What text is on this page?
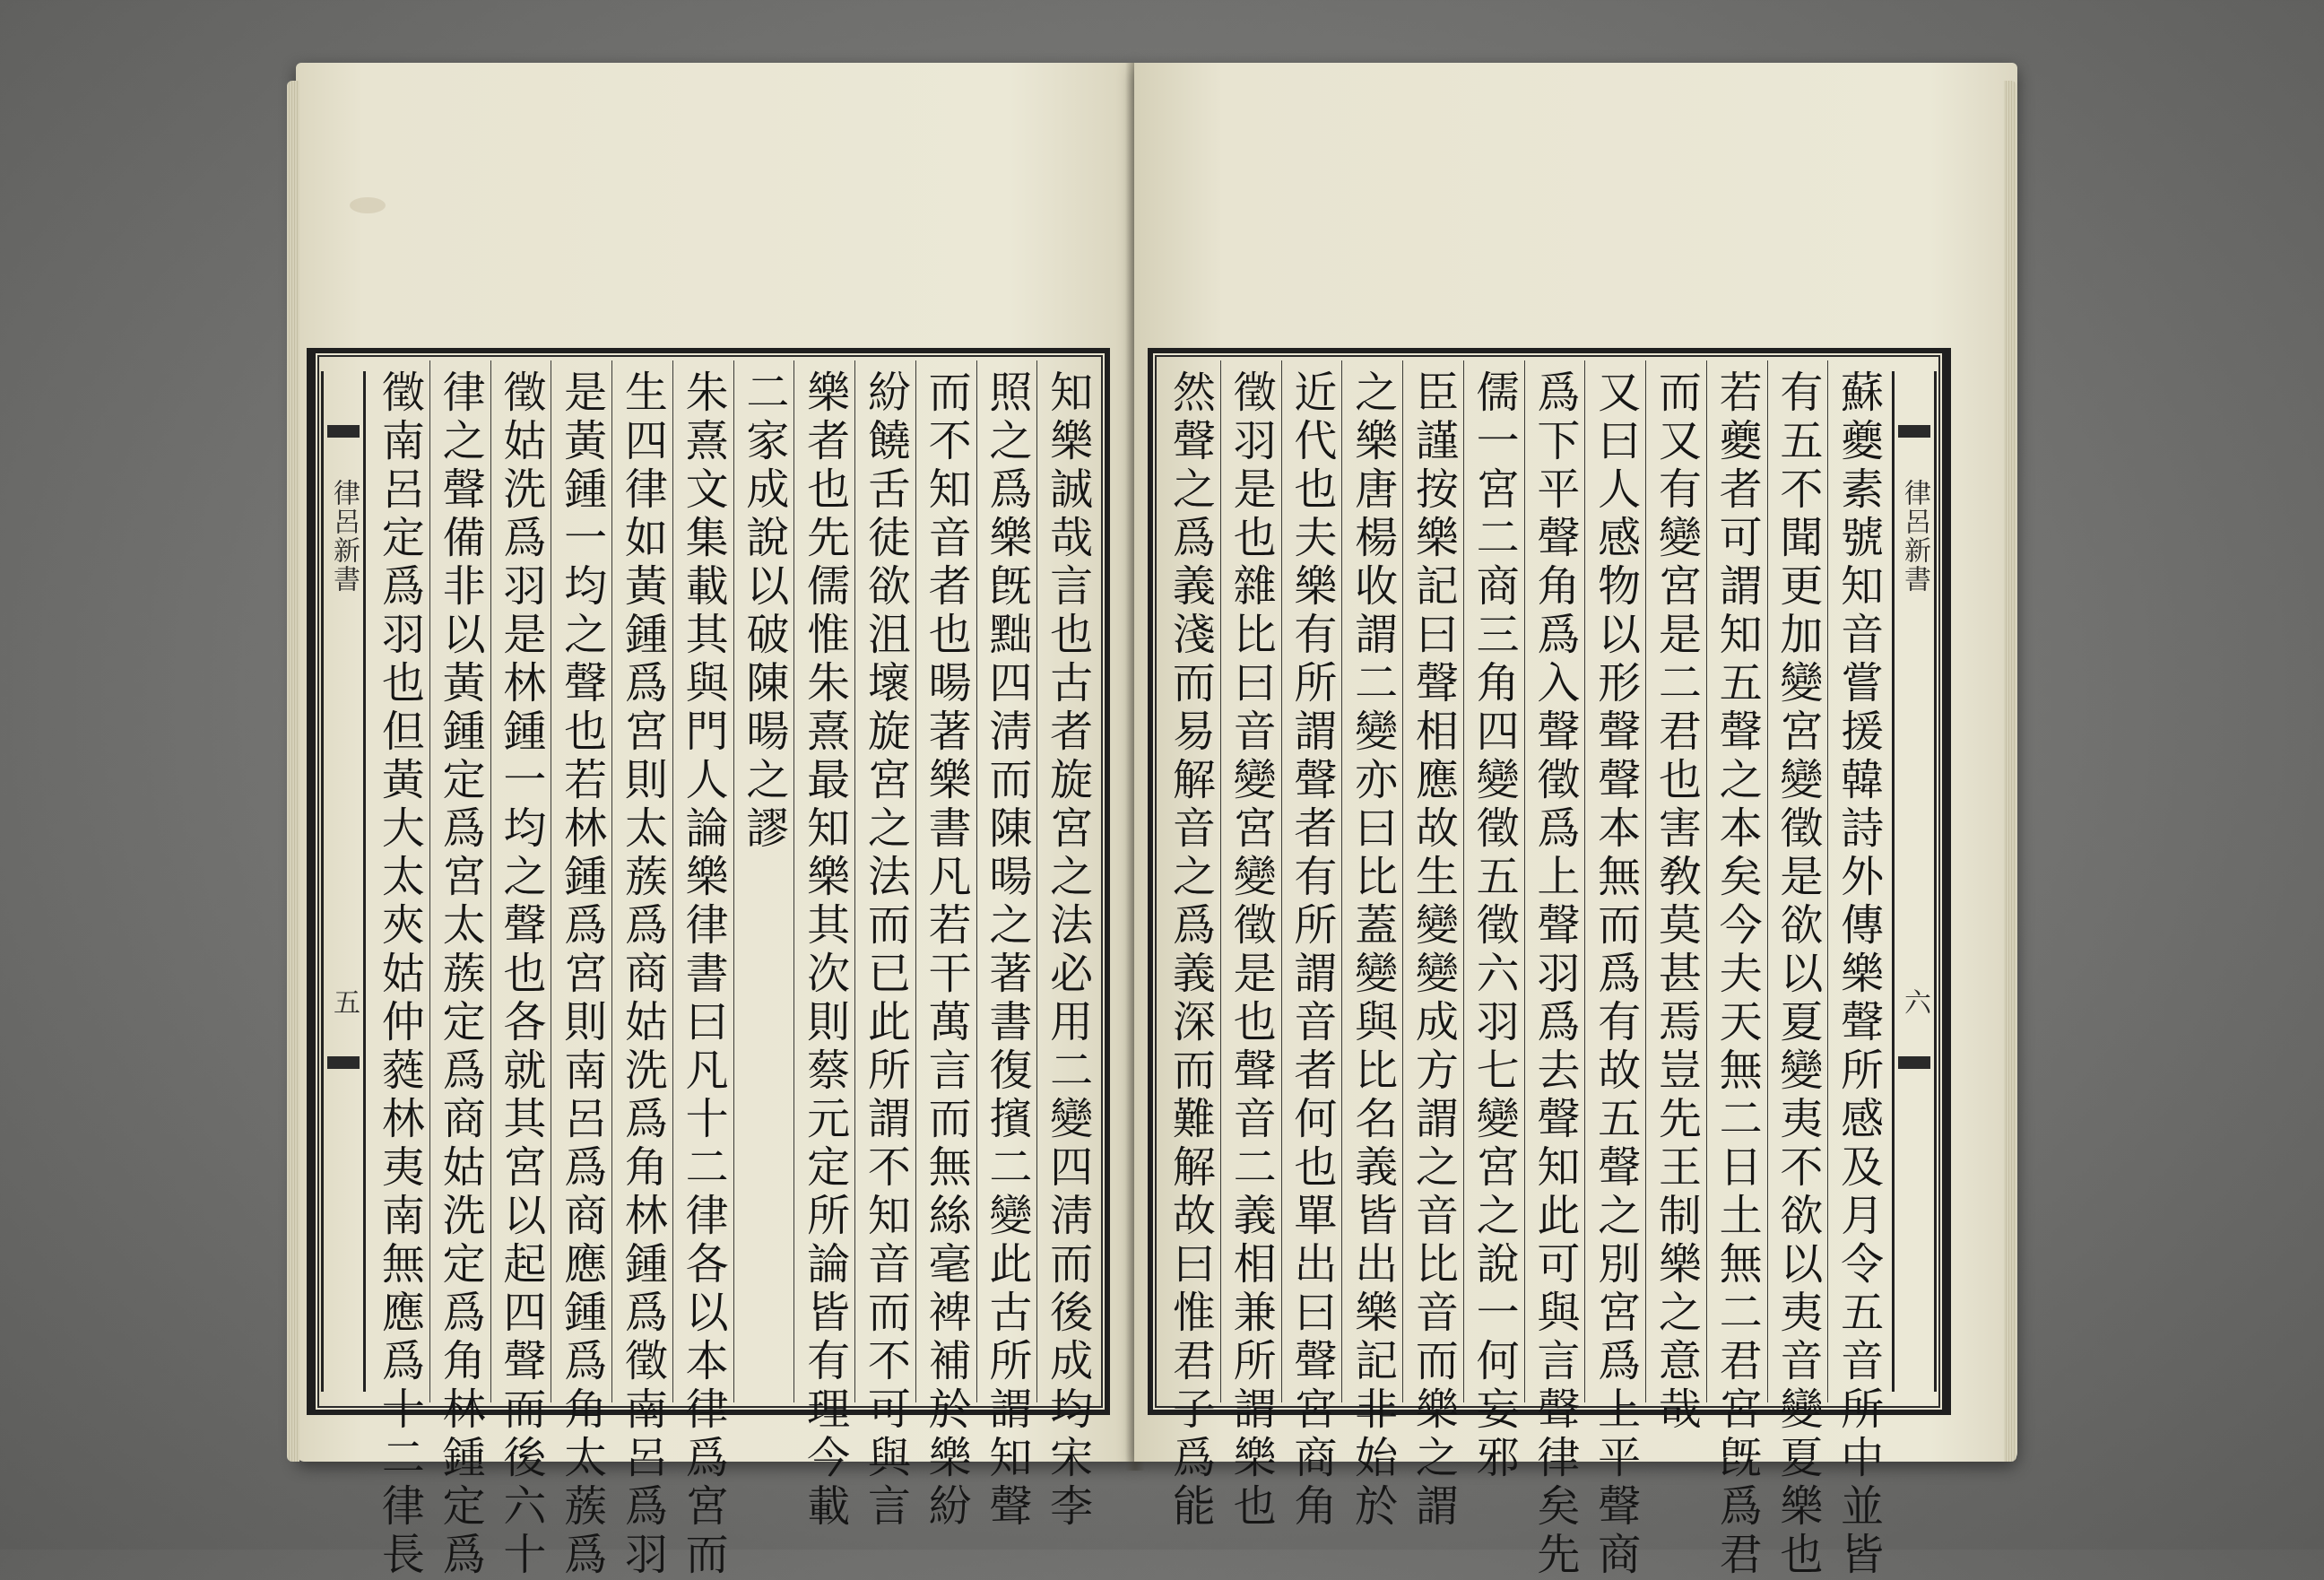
律呂新書
五	知樂誠哉言也古者旋宮之法必用二變四淸而後成均宋李
照之爲樂旣黜四淸而陳暘之著書復擯二變此古所謂知聲
而不知音者也暘著樂書凡若干萬言而無絲毫裨補於樂紛
紛饒舌徒欲沮壞旋宮之法而已此所謂不知音而不可與言
樂者也先儒惟朱熹最知樂其次則蔡元定所論皆有理今載
二家成說以破陳暘之謬
朱熹文集載其與門人論樂律書曰凡十二律各以本律爲宮而
生四律如黃鍾爲宮則太蔟爲商姑洗爲角林鍾爲徵南呂爲羽
是黃鍾一均之聲也若林鍾爲宮則南呂爲商應鍾爲角太蔟爲
徵姑洗爲羽是林鍾一均之聲也各就其宮以起四聲而後六十
律之聲備非以黃鍾定爲宮太蔟定爲商姑洗定爲角林鍾定爲
徵南呂定爲羽也但黃大太夾姑仲蕤林夷南無應爲十二律長	律呂新書
六
蘇夔素號知音嘗援韓詩外傳樂聲所感及月令五音所中並皆
有五不聞更加變宮變徵是欲以夏變夷不欲以夷音變夏樂也
若夔者可謂知五聲之本矣今夫天無二日土無二君宮旣爲君
而又有變宮是二君也害敎莫甚焉豈先王制樂之意哉
又曰人感物以形聲聲本無而爲有故五聲之別宮爲上平聲商
爲下平聲角爲入聲徵爲上聲羽爲去聲知此可與言聲律矣先
儒一宮二商三角四變徵五徵六羽七變宮之說一何妄邪
臣謹按樂記曰聲相應故生變變成方謂之音比音而樂之謂
之樂唐楊收謂二變亦曰比蓋變與比名義皆出樂記非始於
近代也夫樂有所謂聲者有所謂音者何也單出曰聲宮商角
徵羽是也雜比曰音變宮變徵是也聲音二義相兼所謂樂也
然聲之爲義淺而易解音之爲義深而難解故曰惟君子爲能
